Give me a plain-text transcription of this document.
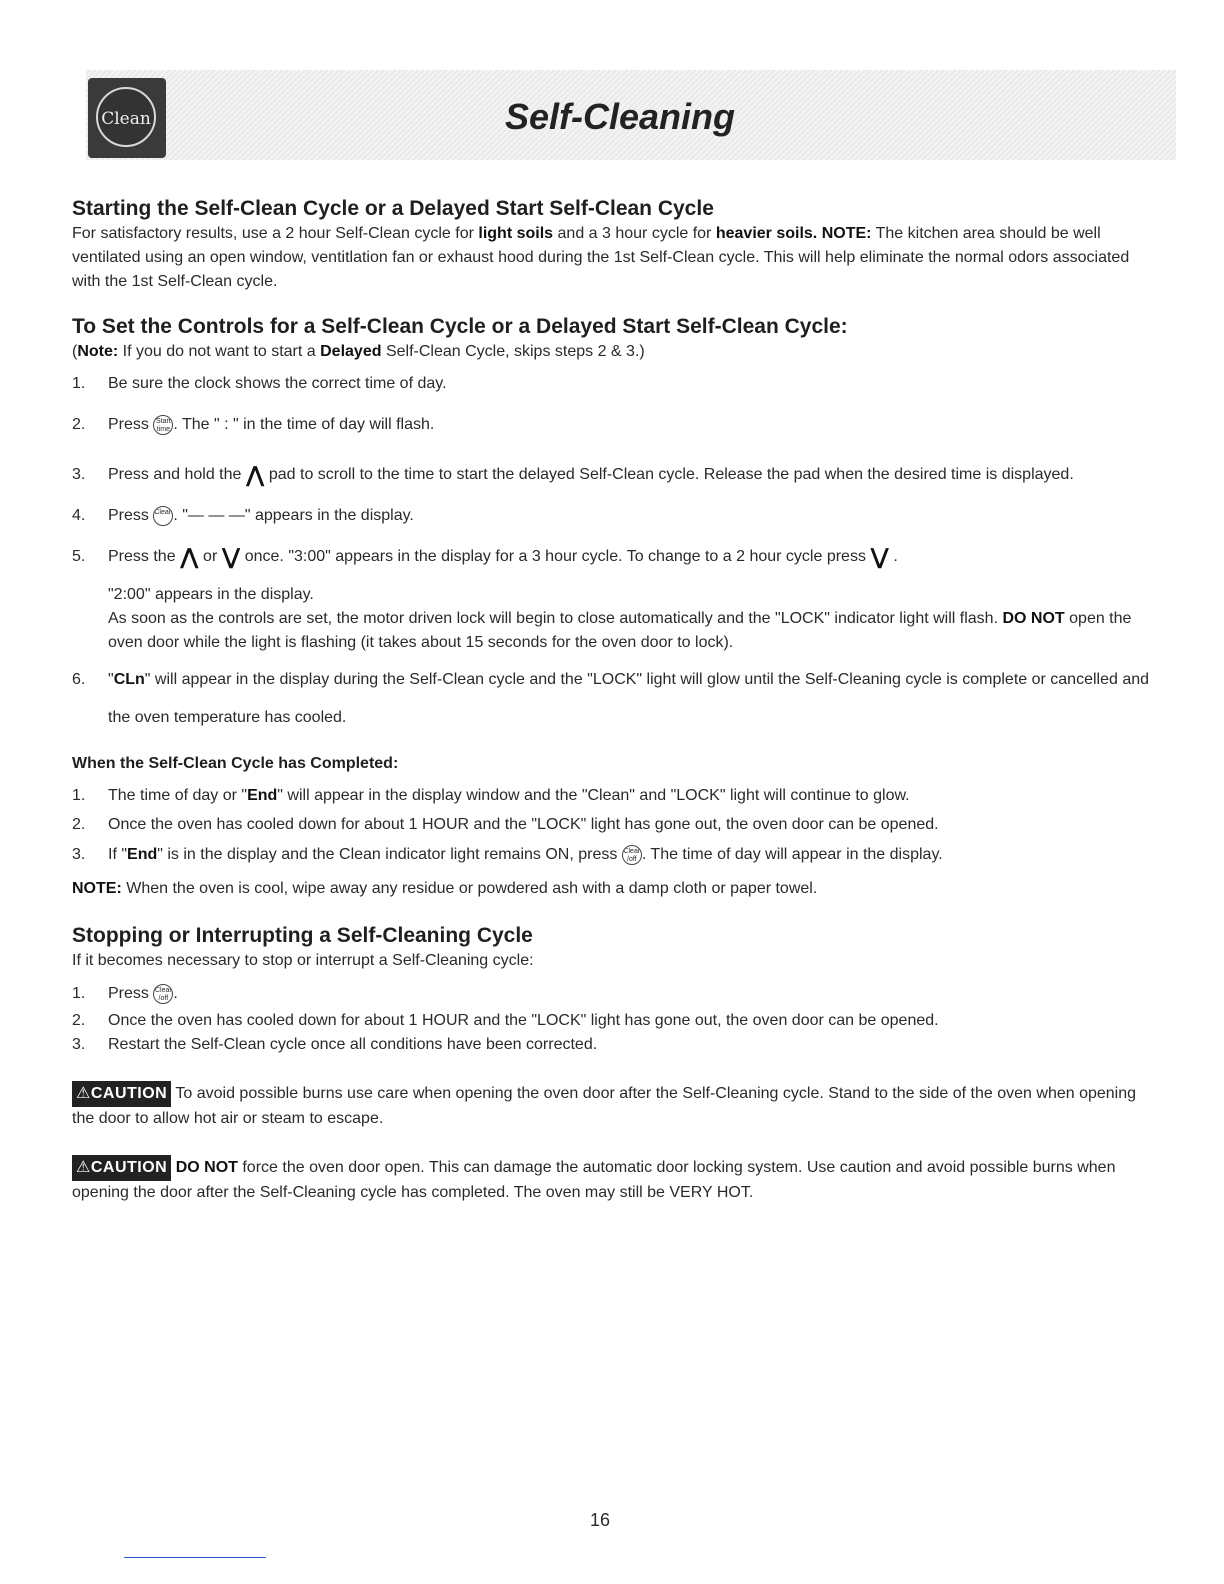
Clean	Self-Cleaning
Starting the Self-Clean Cycle or a Delayed Start Self-Clean Cycle

For satisfactory results, use a 2 hour Self-Clean cycle for light soils and a 3 hour cycle for heavier soils. NOTE: The kitchen area should be well ventilated using an open window, ventitlation fan or exhaust hood during the 1st Self-Clean cycle. This will help eliminate the normal odors associated with the 1st Self-Clean cycle.

To Set the Controls for a Self-Clean Cycle or a Delayed Start Self-Clean Cycle:

(Note: If you do not want to start a Delayed Self-Clean Cycle, skips steps 2 & 3.)

1. Be sure the clock shows the correct time of day.
2. Press Start time . The " : " in the time of day will flash.
3. Press and hold the ⋀ pad to scroll to the time to start the delayed Self-Clean cycle. Release the pad when the desired time is displayed.
4. Press Clean. "— — —" appears in the display.
5. Press the ⋀ or ⋁ once. "3:00" appears in the display for a 3 hour cycle. To change to a 2 hour cycle press ⋁ .
"2:00" appears in the display.
As soon as the controls are set, the motor driven lock will begin to close automatically and the "LOCK" indicator light will flash. DO NOT open the oven door while the light is flashing (it takes about 15 seconds for the oven door to lock).
6. "CLn" will appear in the display during the Self-Clean cycle and the "LOCK" light will glow until the Self-Cleaning cycle is complete or cancelled and the oven temperature has cooled.
When the Self-Clean Cycle has Completed:
1. The time of day or "End" will appear in the display window and the "Clean" and "LOCK" light will continue to glow.
2. Once the oven has cooled down for about 1 HOUR and the "LOCK" light has gone out, the oven door can be opened.
3. If "End" is in the display and the Clean indicator light remains ON, press Clear /off . The time of day will appear in the display.

NOTE: When the oven is cool, wipe away any residue or powdered ash with a damp cloth or paper towel.

Stopping or Interrupting a Self-Cleaning Cycle

If it becomes necessary to stop or interrupt a Self-Cleaning cycle:

1. Press Clear /off .
2. Once the oven has cooled down for about 1 HOUR and the "LOCK" light has gone out, the oven door can be opened.
3. Restart the Self-Clean cycle once all conditions have been corrected.

⚠CAUTION To avoid possible burns use care when opening the oven door after the Self-Cleaning cycle. Stand to the side of the oven when opening the door to allow hot air or steam to escape.

⚠CAUTION DO NOT force the oven door open. This can damage the automatic door locking system. Use caution and avoid possible burns when opening the door after the Self-Cleaning cycle has completed. The oven may still be VERY HOT.

16
